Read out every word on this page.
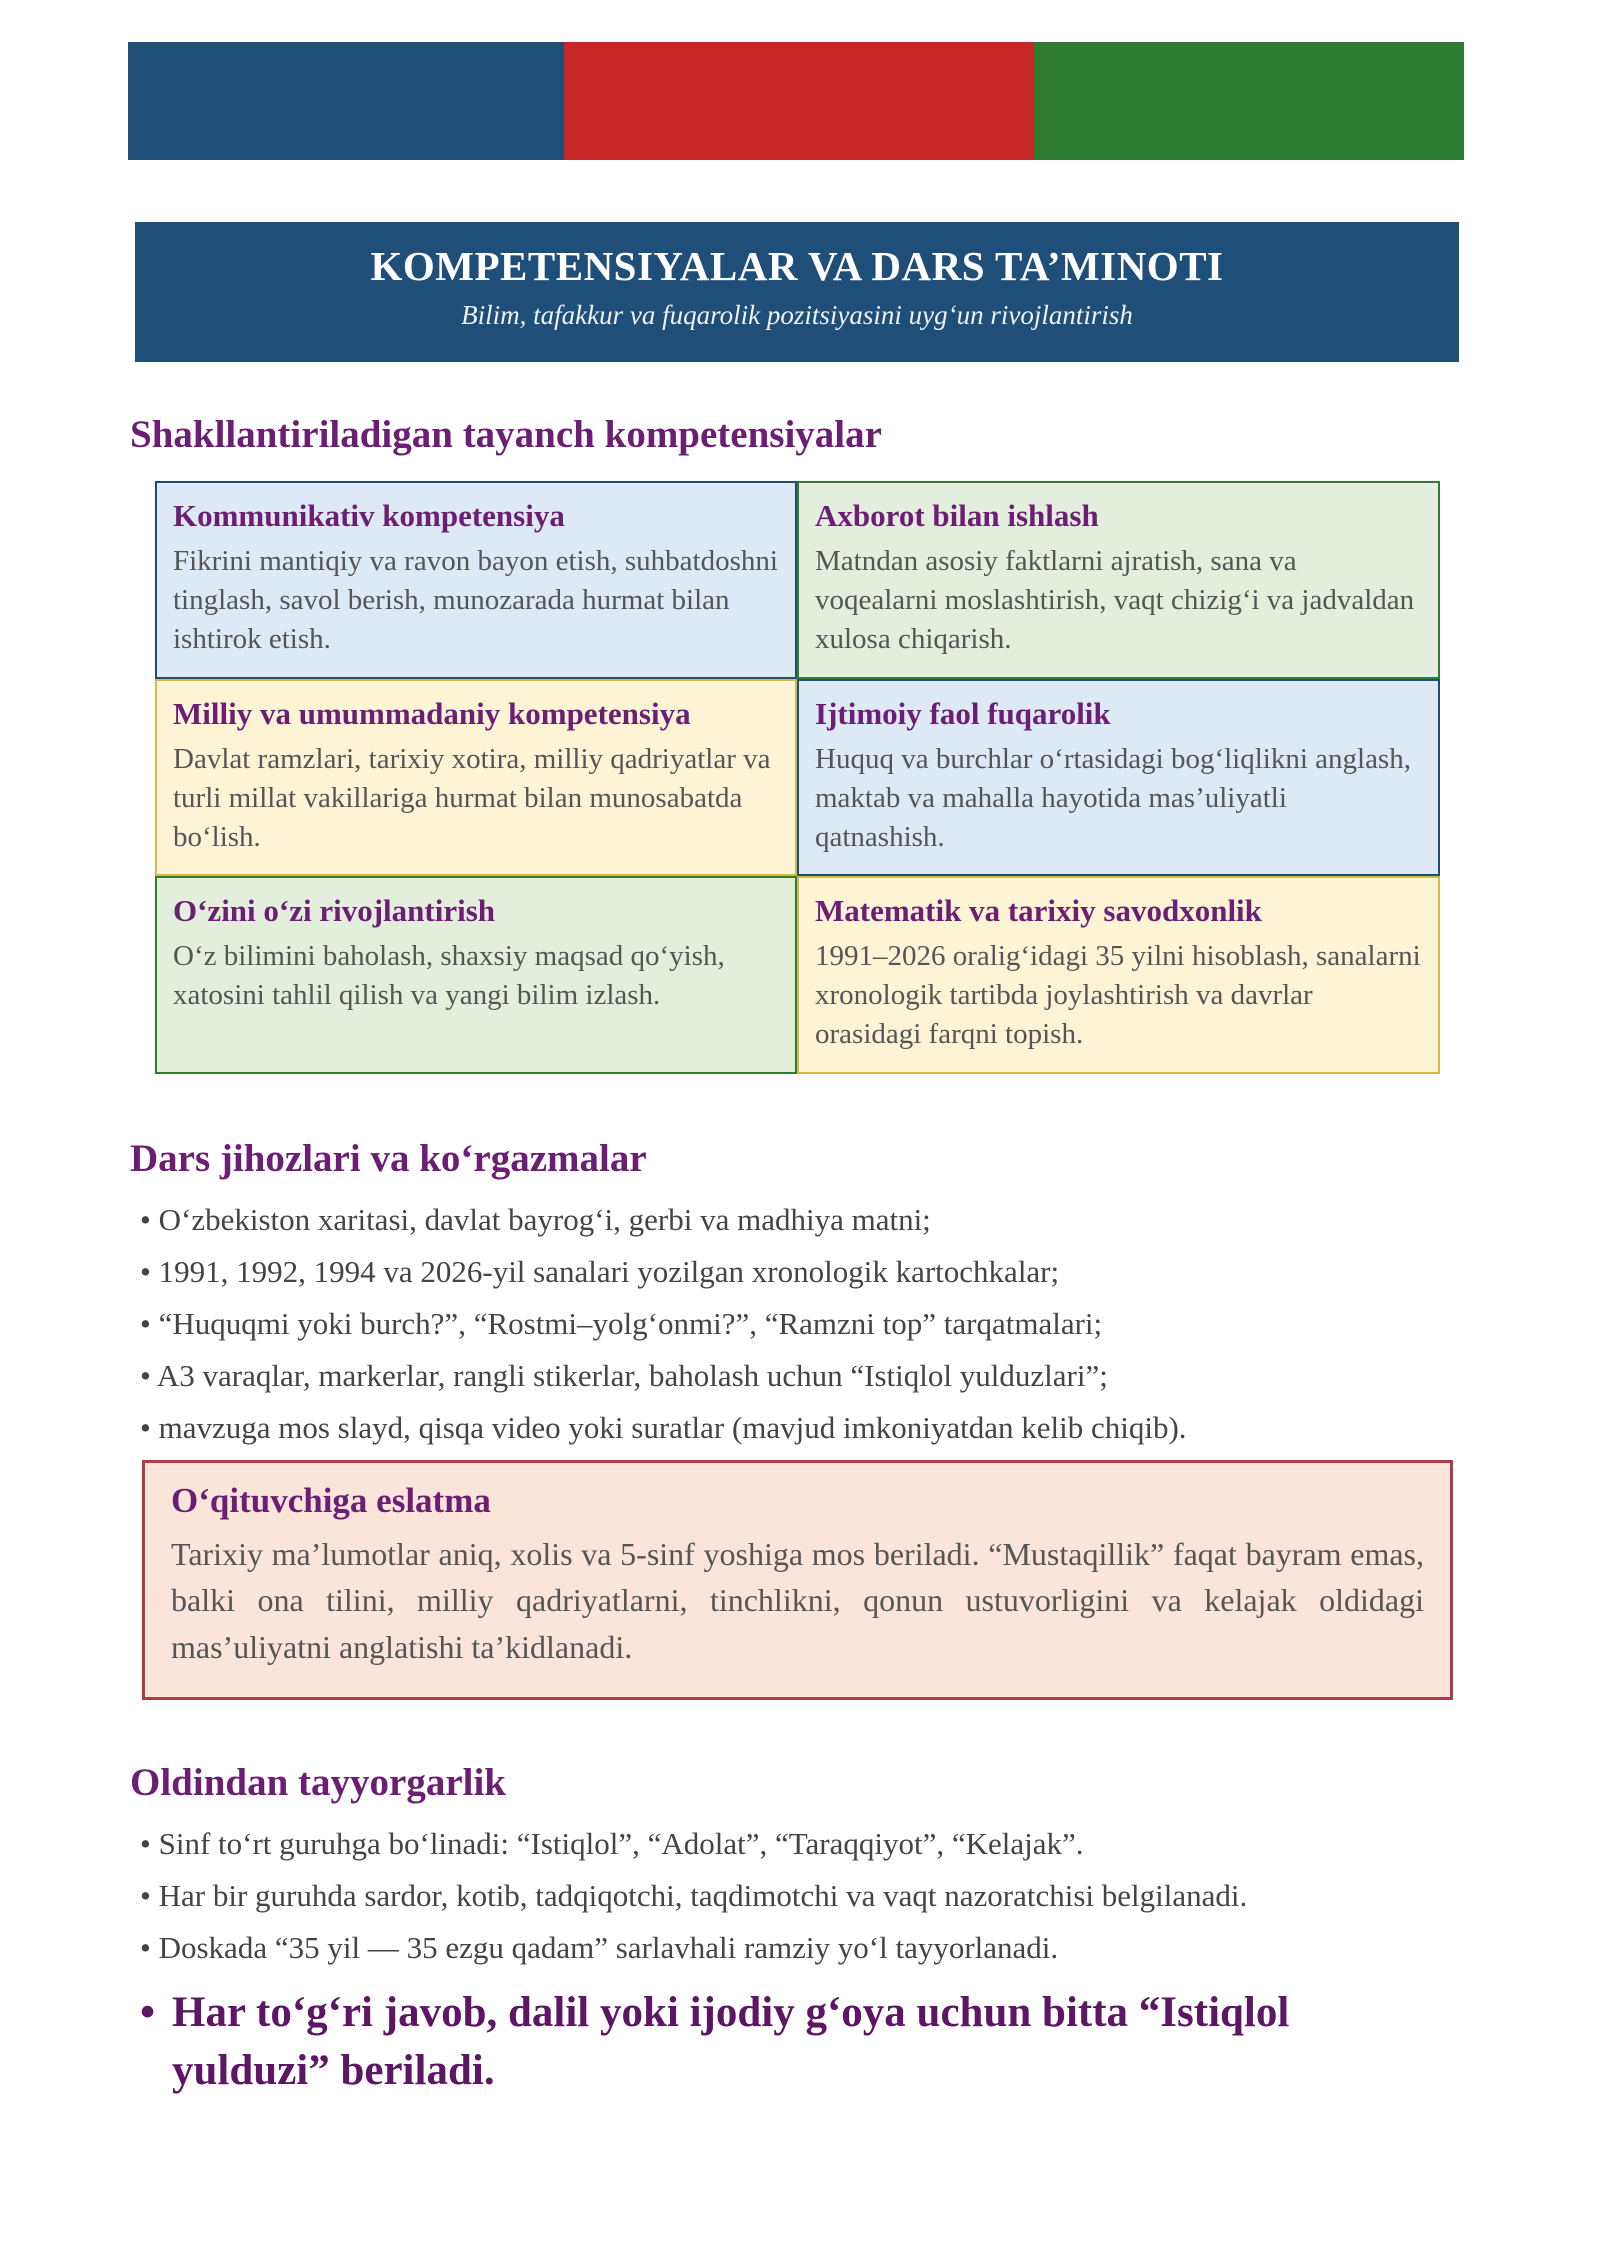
KOMPETENSIYALAR VA DARS TA’MINOTI
Bilim, tafakkur va fuqarolik pozitsiyasini uyg‘un rivojlantirish
Shakllantiriladigan tayanch kompetensiyalar
Kommunikativ kompetensiya
Fikrini mantiqiy va ravon bayon etish, suhbatdoshni tinglash, savol berish, munozarada hurmat bilan ishtirok etish.
Axborot bilan ishlash
Matndan asosiy faktlarni ajratish, sana va voqealarni moslashtirish, vaqt chizig‘i va jadvaldan xulosa chiqarish.
Milliy va umummadaniy kompetensiya
Davlat ramzlari, tarixiy xotira, milliy qadriyatlar va turli millat vakillariga hurmat bilan munosabatda bo‘lish.
Ijtimoiy faol fuqarolik
Huquq va burchlar o‘rtasidagi bog‘liqlikni anglash, maktab va mahalla hayotida mas’uliyatli qatnashish.
O‘zini o‘zi rivojlantirish
O‘z bilimini baholash, shaxsiy maqsad qo‘yish, xatosini tahlil qilish va yangi bilim izlash.
Matematik va tarixiy savodxonlik
1991–2026 oralig‘idagi 35 yilni hisoblash, sanalarni xronologik tartibda joylashtirish va davrlar orasidagi farqni topish.
Dars jihozlari va ko‘rgazmalar
• O‘zbekiston xaritasi, davlat bayrog‘i, gerbi va madhiya matni;
• 1991, 1992, 1994 va 2026-yil sanalari yozilgan xronologik kartochkalar;
• “Huquqmi yoki burch?”, “Rostmi–yolg‘onmi?”, “Ramzni top” tarqatmalari;
• A3 varaqlar, markerlar, rangli stikerlar, baholash uchun “Istiqlol yulduzlari”;
• mavzuga mos slayd, qisqa video yoki suratlar (mavjud imkoniyatdan kelib chiqib).
O‘qituvchiga eslatma
Tarixiy ma’lumotlar aniq, xolis va 5-sinf yoshiga mos beriladi. “Mustaqillik” faqat bayram emas, balki ona tilini, milliy qadriyatlarni, tinchlikni, qonun ustuvorligini va kelajak oldidagi mas’uliyatni anglatishi ta’kidlanadi.
Oldindan tayyorgarlik
• Sinf to‘rt guruhga bo‘linadi: “Istiqlol”, “Adolat”, “Taraqqiyot”, “Kelajak”.
• Har bir guruhda sardor, kotib, tadqiqotchi, taqdimotchi va vaqt nazoratchisi belgilanadi.
• Doskada “35 yil — 35 ezgu qadam” sarlavhali ramziy yo‘l tayyorlanadi.
• Har to‘g‘ri javob, dalil yoki ijodiy g‘oya uchun bitta “Istiqlol yulduzi” beriladi.
